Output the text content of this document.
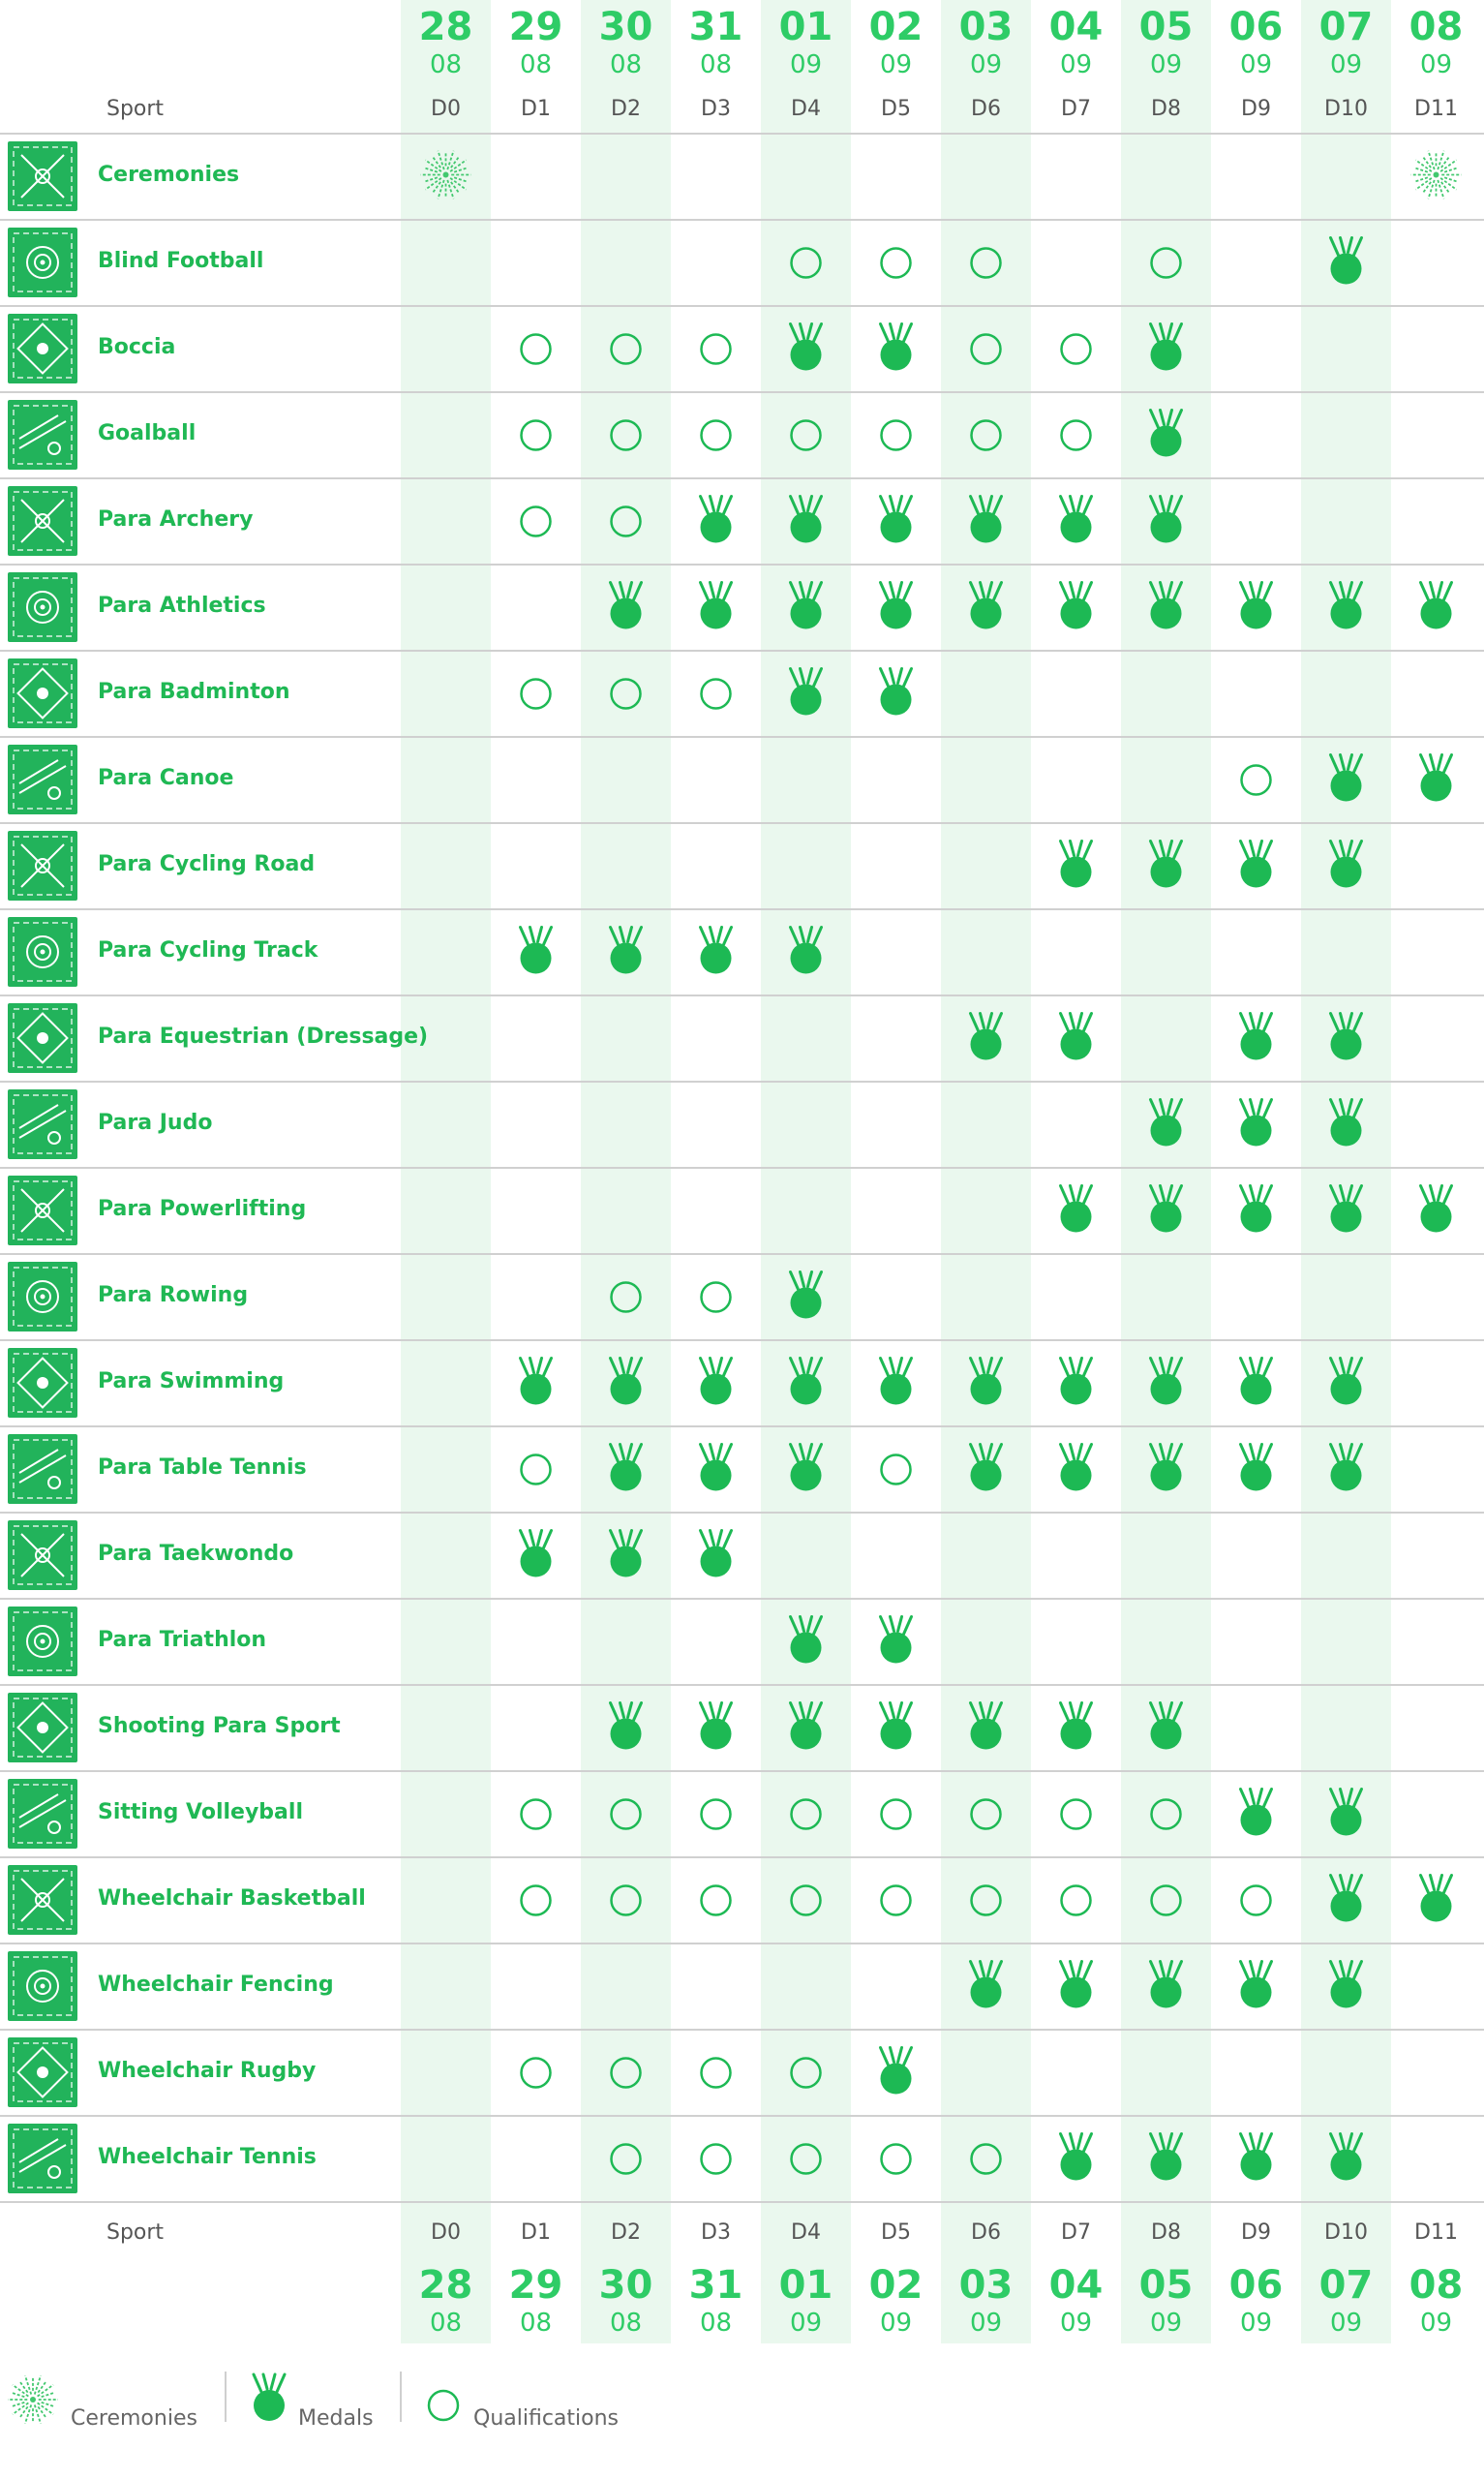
28
08
D0
29
08
D1
30
08
D2
31
08
D3
01
09
D4
02
09
D5
03
09
D6
04
09
D7
05
09
D8
06
09
D9
07
09
D10
08
09
D11
28
08
D0
29
08
D1
30
08
D2
31
08
D3
01
09
D4
02
09
D5
03
09
D6
04
09
D7
05
09
D8
06
09
D9
07
09
D10
08
09
D11
Sport
Sport
Ceremonies
Blind Football
Boccia
Goalball
Para Archery
Para Athletics
Para Badminton
Para Canoe
Para Cycling Road
Para Cycling Track
Para Equestrian (Dressage)
Para Judo
Para Powerlifting
Para Rowing
Para Swimming
Para Table Tennis
Para Taekwondo
Para Triathlon
Shooting Para Sport
Sitting Volleyball
Wheelchair Basketball
Wheelchair Fencing
Wheelchair Rugby
Wheelchair Tennis
Ceremonies	Medals	Qualifications
